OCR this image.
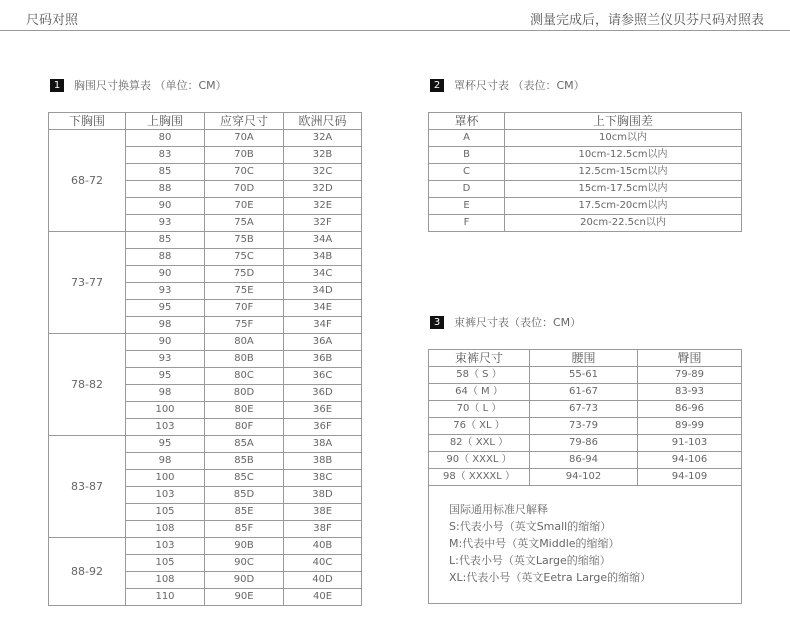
尺码对照	测量完成后，请参照兰仪贝芬尺码对照表
1 胸围尺寸换算表 （单位：CM）
下胸围	上胸围	应穿尺寸	欧洲尺码
68-72	80	70A	32A
	83	70B	32B
	85	70C	32C
	88	70D	32D
	90	70E	32E
	93	75A	32F
73-77	85	75B	34A
	88	75C	34B
	90	75D	34C
	93	75E	34D
	95	70F	34E
	98	75F	34F
78-82	90	80A	36A
	93	80B	36B
	95	80C	36C
	98	80D	36D
	100	80E	36E
	103	80F	36F
83-87	95	85A	38A
	98	85B	38B
	100	85C	38C
	103	85D	38D
	105	85E	38E
	108	85F	38F
88-92	103	90B	40B
	105	90C	40C
	108	90D	40D
	110	90E	40E
2 罩杯尺寸表 （表位：CM）
罩杯	上下胸围差
A	10cm以内
B	10cm-12.5cm以内
C	12.5cm-15cm以内
D	15cm-17.5cm以内
E	17.5cm-20cm以内
F	20cm-22.5cn以内
3 束裤尺寸表（表位：CM）
束裤尺寸	腰围	臀围
58（ S ）	55-61	79-89
64（ M ）	61-67	83-93
70（ L ）	67-73	86-96
76（ XL ）	73-79	89-99
82（ XXL ）	79-86	91-103
90（ XXXL ）	86-94	94-106
98（ XXXXL ）	94-102	94-109
国际通用标准尺解释
S:代表小号（英文Small的缩缩）
M:代表中号（英文Middle的缩缩）
L:代表小号（英文Large的缩缩）
XL:代表小号（英文Eetra Large的缩缩）
